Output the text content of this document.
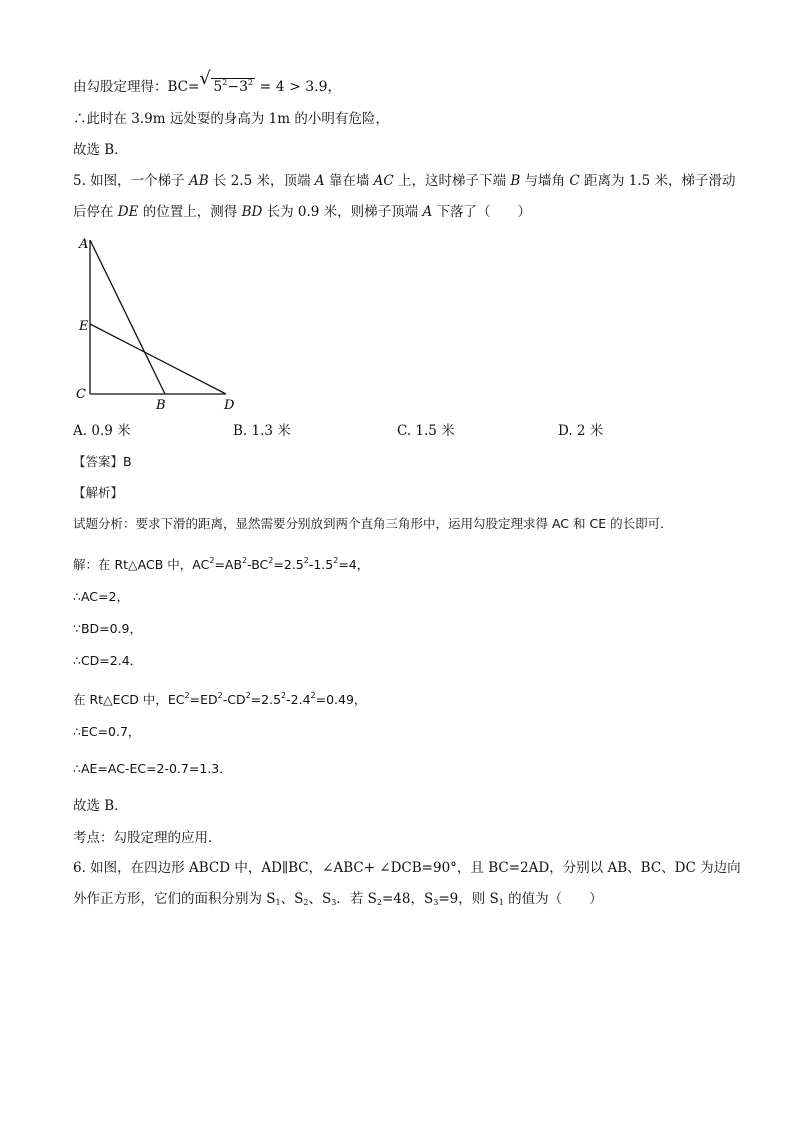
由勾股定理得：BC= √ $5^2-3^2 = 4 > 3.9$，
∴此时在 3.9m 远处耍的身高为 1m 的小明有危险，
故选 B．
5. 如图，一个梯子 AB 长 2.5 米，顶端 A 靠在墙 AC 上，这时梯子下端 B 与墙角 C 距离为 1.5 米，梯子滑动
后停在 DE 的位置上，测得 BD 长为 0.9 米，则梯子顶端 A 下落了（　　）
A
E
C
B	D
A. 0.9 米	B. 1.3 米	C. 1.5 米	D. 2 米
【答案】B
【解析】
试题分析：要求下滑的距离，显然需要分别放到两个直角三角形中，运用勾股定理求得 AC 和 CE 的长即可．
解：在 Rt△ACB 中，$AC^2=AB^2-BC^2=2.5^2-1.5^2=4$，
∴AC=2，
∵BD=0.9，
∴CD=2.4．
在 Rt△ECD 中，$EC^2=ED^2-CD^2=2.5^2-2.4^2=0.49$，
∴EC=0.7，
∴AE=AC-EC=2-0.7=1.3．
故选 B．
考点：勾股定理的应用．
6. 如图，在四边形 ABCD 中，AD∥BC，∠ABC+ ∠DCB=90°，且 BC=2AD，分别以 AB、BC、DC 为边向
外作正方形，它们的面积分别为 $S_1$、$S_2$、$S_3$．若 $S_2=48$，$S_3=9$，则 $S_1$ 的值为（　　）
